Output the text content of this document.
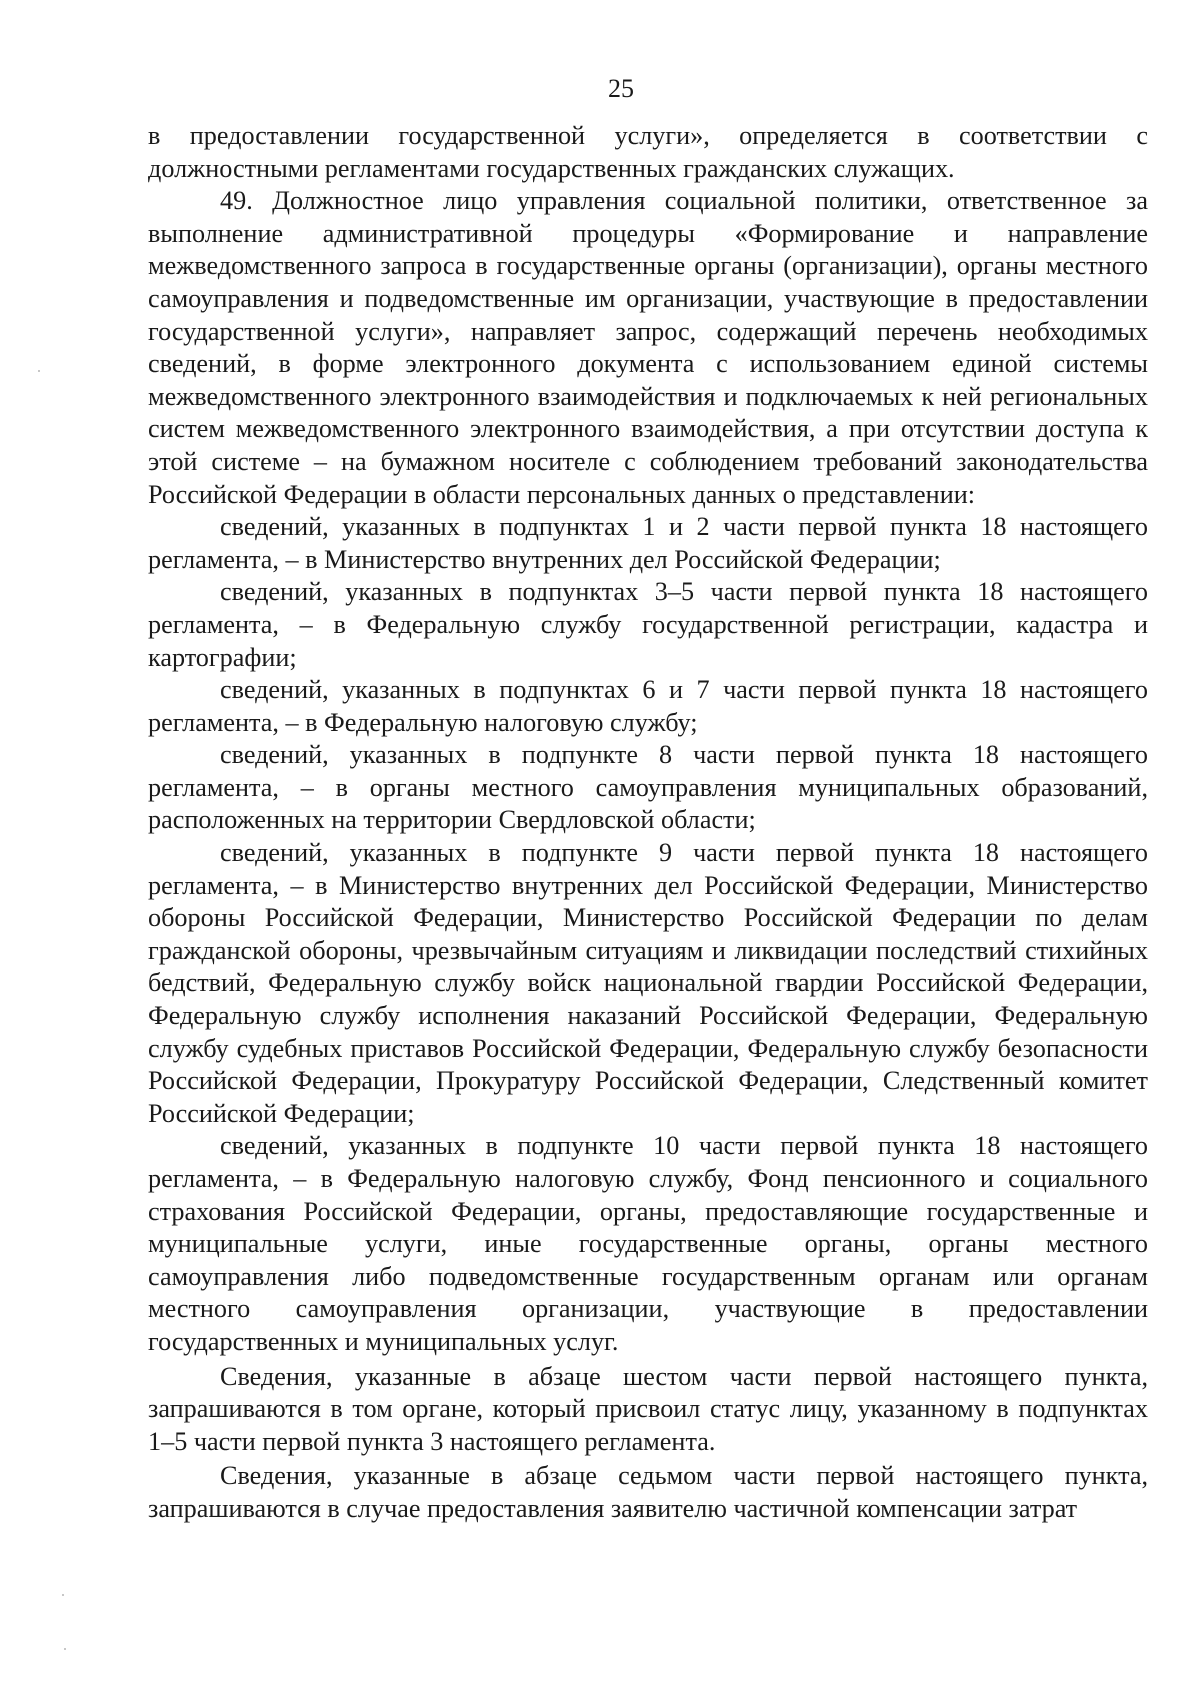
25

в предоставлении государственной услуги», определяется в соответствии с должностными регламентами государственных гражданских служащих.

49. Должностное лицо управления социальной политики, ответственное за выполнение административной процедуры «Формирование и направление межведомственного запроса в государственные органы (организации), органы местного самоуправления и подведомственные им организации, участвующие в предоставлении государственной услуги», направляет запрос, содержащий перечень необходимых сведений, в форме электронного документа с использованием единой системы межведомственного электронного взаимодействия и подключаемых к ней региональных систем межведомственного электронного взаимодействия, а при отсутствии доступа к этой системе – на бумажном носителе с соблюдением требований законодательства Российской Федерации в области персональных данных о представлении:

сведений, указанных в подпунктах 1 и 2 части первой пункта 18 настоящего регламента, – в Министерство внутренних дел Российской Федерации;

сведений, указанных в подпунктах 3–5 части первой пункта 18 настоящего регламента, – в Федеральную службу государственной регистрации, кадастра и картографии;

сведений, указанных в подпунктах 6 и 7 части первой пункта 18 настоящего регламента, – в Федеральную налоговую службу;

сведений, указанных в подпункте 8 части первой пункта 18 настоящего регламента, – в органы местного самоуправления муниципальных образований, расположенных на территории Свердловской области;

сведений, указанных в подпункте 9 части первой пункта 18 настоящего регламента, – в Министерство внутренних дел Российской Федерации, Министерство обороны Российской Федерации, Министерство Российской Федерации по делам гражданской обороны, чрезвычайным ситуациям и ликвидации последствий стихийных бедствий, Федеральную службу войск национальной гвардии Российской Федерации, Федеральную службу исполнения наказаний Российской Федерации, Федеральную службу судебных приставов Российской Федерации, Федеральную службу безопасности Российской Федерации, Прокуратуру Российской Федерации, Следственный комитет Российской Федерации;

сведений, указанных в подпункте 10 части первой пункта 18 настоящего регламента, – в Федеральную налоговую службу, Фонд пенсионного и социального страхования Российской Федерации, органы, предоставляющие государственные и муниципальные услуги, иные государственные органы, органы местного самоуправления либо подведомственные государственным органам или органам местного самоуправления организации, участвующие в предоставлении государственных и муниципальных услуг.

Сведения, указанные в абзаце шестом части первой настоящего пункта, запрашиваются в том органе, который присвоил статус лицу, указанному в подпунктах 1–5 части первой пункта 3 настоящего регламента.

Сведения, указанные в абзаце седьмом части первой настоящего пункта, запрашиваются в случае предоставления заявителю частичной компенсации затрат
